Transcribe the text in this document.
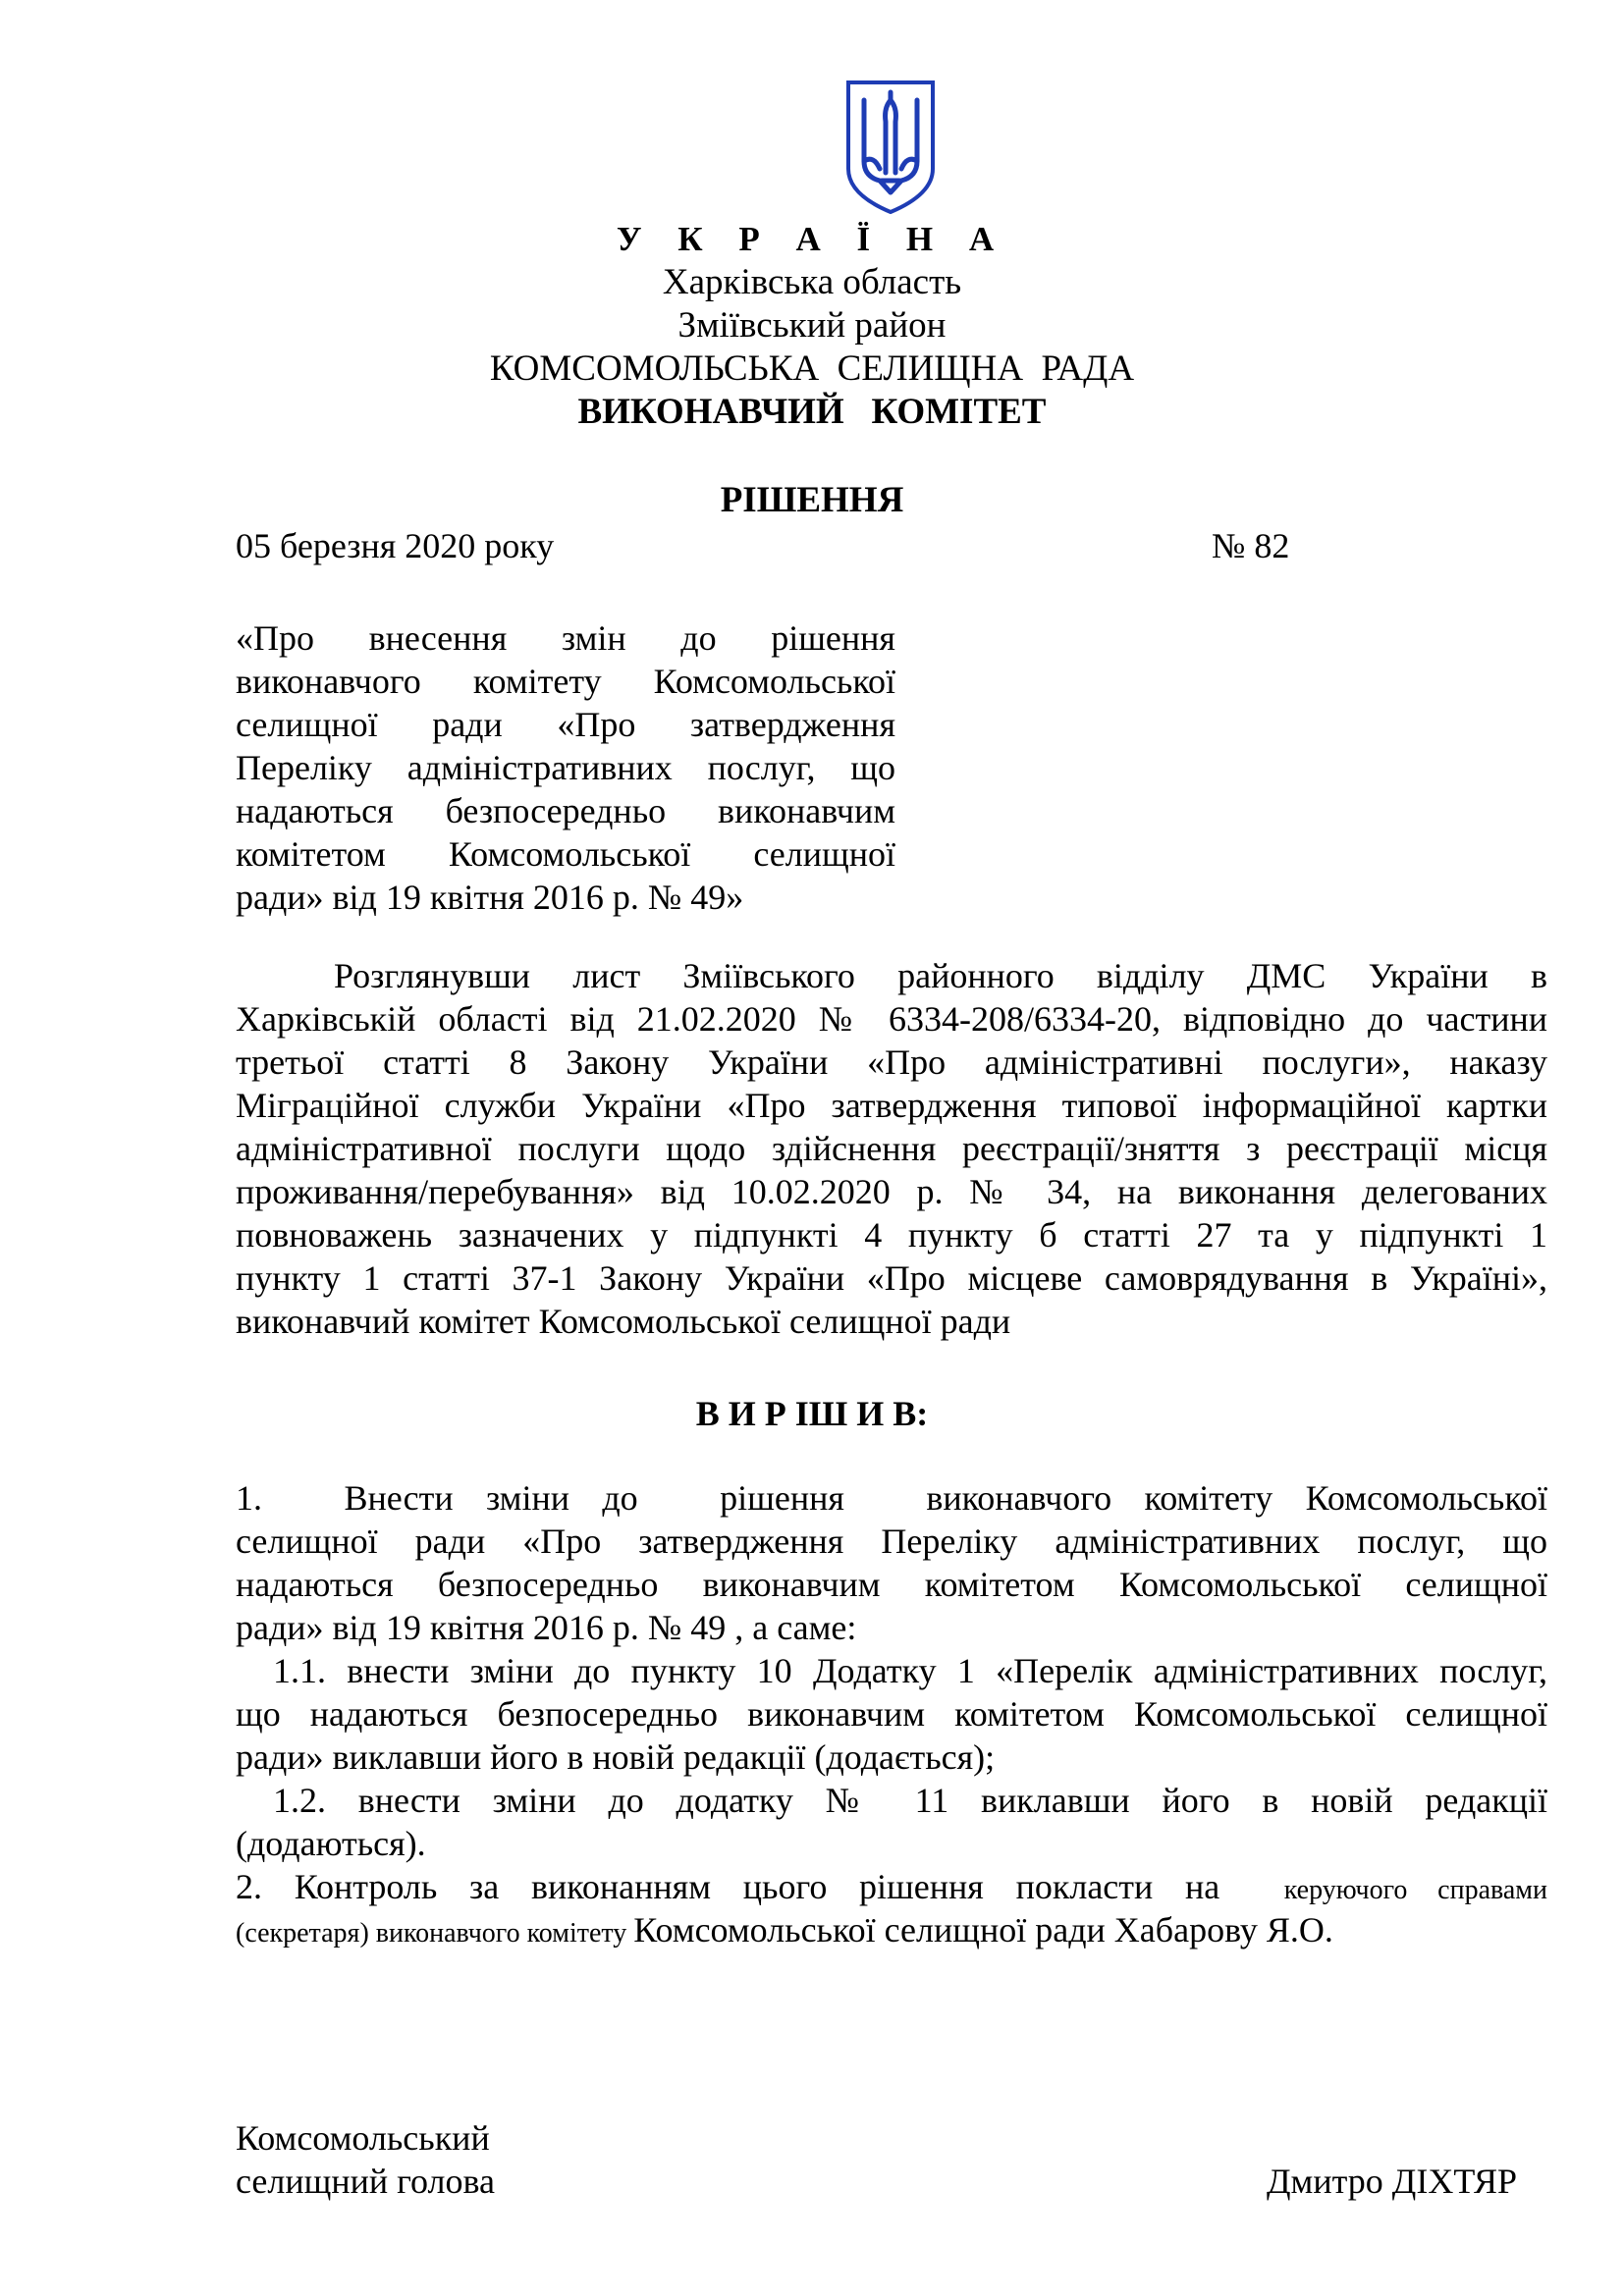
У К Р А Ї Н А
Харківська область
Зміївський район
КОМСОМОЛЬСЬКА  СЕЛИЩНА  РАДА
ВИКОНАВЧИЙ   КОМІТЕТ
РІШЕННЯ
05 березня 2020 року	№ 82
«Про внесення змін до рішення
виконавчого комітету Комсомольської
селищної ради «Про затвердження
Переліку адміністративних послуг, що
надаються безпосередньо виконавчим
комітетом Комсомольської селищної
ради» від 19 квітня 2016 р. № 49»
Розглянувши лист Зміївського районного відділу ДМС України в
Харківській області від 21.02.2020 № 6334-208/6334-20, відповідно до частини
третьої статті 8 Закону України «Про адміністративні послуги», наказу
Міграційної служби України «Про затвердження типової інформаційної картки
адміністративної послуги щодо здійснення реєстрації/зняття з реєстрації місця
проживання/перебування» від 10.02.2020 р. № 34, на виконання делегованих
повноважень зазначених у підпункті 4 пункту б статті 27 та у підпункті 1
пункту 1 статті 37-1 Закону України «Про місцеве самоврядування в Україні»,
виконавчий комітет Комсомольської селищної ради
В И Р ІШ И В:
1.     Внести  зміни  до     рішення     виконавчого  комітету  Комсомольської
селищної ради «Про затвердження Переліку адміністративних послуг, що
надаються безпосередньо виконавчим комітетом Комсомольської селищної
ради» від 19 квітня 2016 р. № 49 , а саме:
1.1. внести зміни до пункту 10 Додатку 1 «Перелік адміністративних послуг,
що надаються безпосередньо виконавчим комітетом Комсомольської селищної
ради» виклавши його в новій редакції (додається);
1.2. внести зміни до додатку № 11 виклавши його в новій редакції
(додаються).
2. Контроль за виконанням цього рішення покласти на  керуючого справами
(секретаря) виконавчого комітету Комсомольської селищної ради Хабарову Я.О.
Комсомольський
селищний голова	Дмитро ДІХТЯР
